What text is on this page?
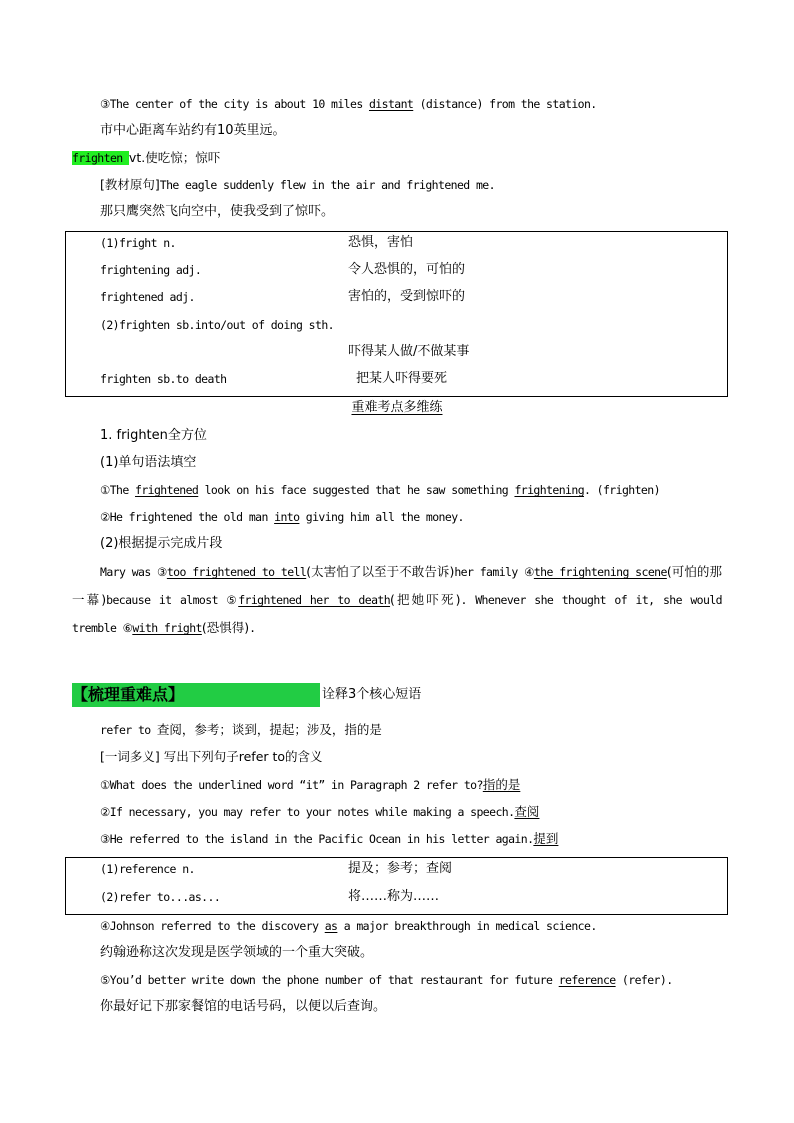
③The center of the city is about 10 miles distant (distance) from the station.
市中心距离车站约有10英里远。
frighten vt.使吃惊；惊吓
[教材原句]The eagle suddenly flew in the air and frightened me.
那只鹰突然飞向空中，使我受到了惊吓。
(1)fright n.	恐惧，害怕
frightening adj.	令人恐惧的，可怕的
frightened adj.	害怕的，受到惊吓的
(2)frighten sb.into/out of doing sth.
吓得某人做/不做某事
frighten sb.to death	把某人吓得要死
重难考点多维练
1. frighten全方位
(1)单句语法填空
①The frightened look on his face suggested that he saw something frightening. (frighten)
②He frightened the old man into giving him all the money.
(2)根据提示完成片段
Mary was ③too frightened to tell(太害怕了以至于不敢告诉)her family ④the frightening scene(可怕的那一幕)because it almost ⑤frightened her to death(把她吓死). Whenever she thought of it, she would tremble ⑥with fright(恐惧得).
【梳理重难点】	诠释3个核心短语
refer to 查阅，参考；谈到，提起；涉及，指的是
[一词多义] 写出下列句子refer to的含义
①What does the underlined word “it” in Paragraph 2 refer to?指的是
②If necessary, you may refer to your notes while making a speech.查阅
③He referred to the island in the Pacific Ocean in his letter again.提到
(1)reference n.	提及；参考；查阅
(2)refer to...as...	将……称为……
④Johnson referred to the discovery as a major breakthrough in medical science.
约翰逊称这次发现是医学领域的一个重大突破。
⑤You’d better write down the phone number of that restaurant for future reference (refer).
你最好记下那家餐馆的电话号码，以便以后查询。
